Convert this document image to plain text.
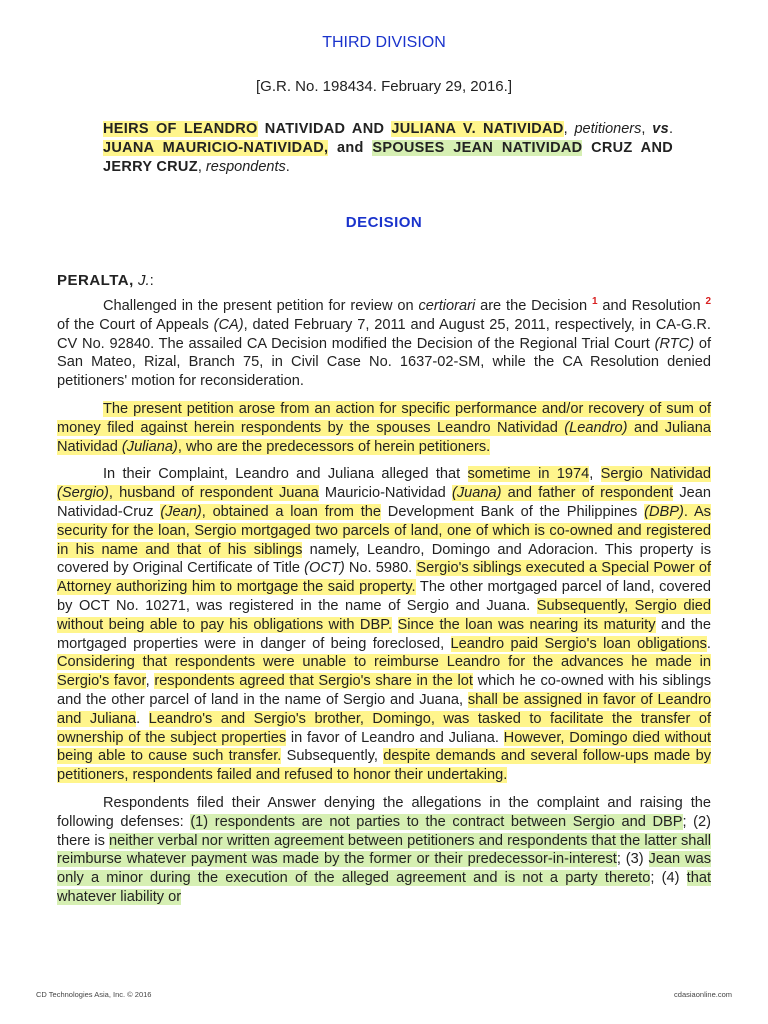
THIRD DIVISION
[G.R. No. 198434. February 29, 2016.]
HEIRS OF LEANDRO NATIVIDAD AND JULIANA V. NATIVIDAD, petitioners, vs. JUANA MAURICIO-NATIVIDAD, and SPOUSES JEAN NATIVIDAD CRUZ AND JERRY CRUZ, respondents.
DECISION
PERALTA, J.:

Challenged in the present petition for review on certiorari are the Decision $^1$ and Resolution $^2$ of the Court of Appeals (CA), dated February 7, 2011 and August 25, 2011, respectively, in CA-G.R. CV No. 92840. The assailed CA Decision modified the Decision of the Regional Trial Court (RTC) of San Mateo, Rizal, Branch 75, in Civil Case No. 1637-02-SM, while the CA Resolution denied petitioners' motion for reconsideration.

The present petition arose from an action for specific performance and/or recovery of sum of money filed against herein respondents by the spouses Leandro Natividad (Leandro) and Juliana Natividad (Juliana), who are the predecessors of herein petitioners.

In their Complaint, Leandro and Juliana alleged that sometime in 1974, Sergio Natividad (Sergio), husband of respondent Juana Mauricio-Natividad (Juana) and father of respondent Jean Natividad-Cruz (Jean), obtained a loan from the Development Bank of the Philippines (DBP). As security for the loan, Sergio mortgaged two parcels of land, one of which is co-owned and registered in his name and that of his siblings namely, Leandro, Domingo and Adoracion. This property is covered by Original Certificate of Title (OCT) No. 5980. Sergio's siblings executed a Special Power of Attorney authorizing him to mortgage the said property. The other mortgaged parcel of land, covered by OCT No. 10271, was registered in the name of Sergio and Juana. Subsequently, Sergio died without being able to pay his obligations with DBP. Since the loan was nearing its maturity and the mortgaged properties were in danger of being foreclosed, Leandro paid Sergio's loan obligations. Considering that respondents were unable to reimburse Leandro for the advances he made in Sergio's favor, respondents agreed that Sergio's share in the lot which he co-owned with his siblings and the other parcel of land in the name of Sergio and Juana, shall be assigned in favor of Leandro and Juliana. Leandro's and Sergio's brother, Domingo, was tasked to facilitate the transfer of ownership of the subject properties in favor of Leandro and Juliana. However, Domingo died without being able to cause such transfer. Subsequently, despite demands and several follow-ups made by petitioners, respondents failed and refused to honor their undertaking.

Respondents filed their Answer denying the allegations in the complaint and raising the following defenses: (1) respondents are not parties to the contract between Sergio and DBP; (2) there is neither verbal nor written agreement between petitioners and respondents that the latter shall reimburse whatever payment was made by the former or their predecessor-in-interest; (3) Jean was only a minor during the execution of the alleged agreement and is not a party thereto; (4) that whatever liability or

CD Technologies Asia, Inc. © 2016	cdasiaonline.com
